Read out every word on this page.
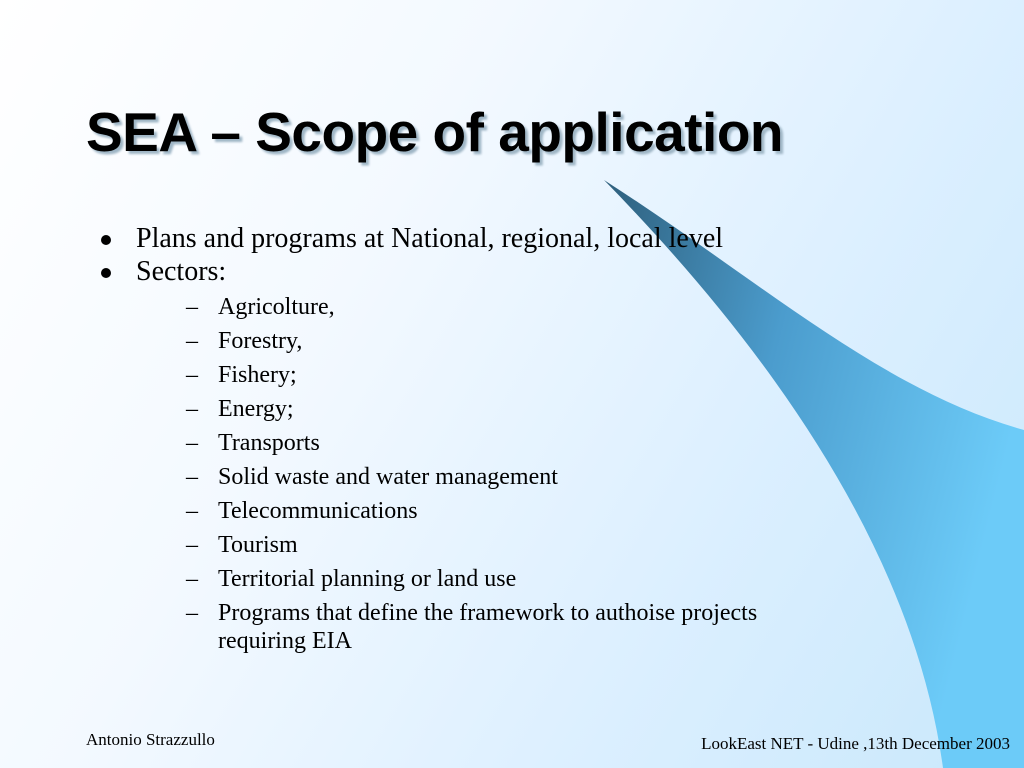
SEA – Scope of application
Plans and programs at National, regional, local level
Sectors:
– Agricolture,
– Forestry,
– Fishery;
– Energy;
– Transports
– Solid waste and water management
– Telecommunications
– Tourism
– Territorial planning or land use
– Programs that define the framework to authoise projects requiring EIA
Antonio Strazzullo	LookEast NET - Udine ,13th December 2003
